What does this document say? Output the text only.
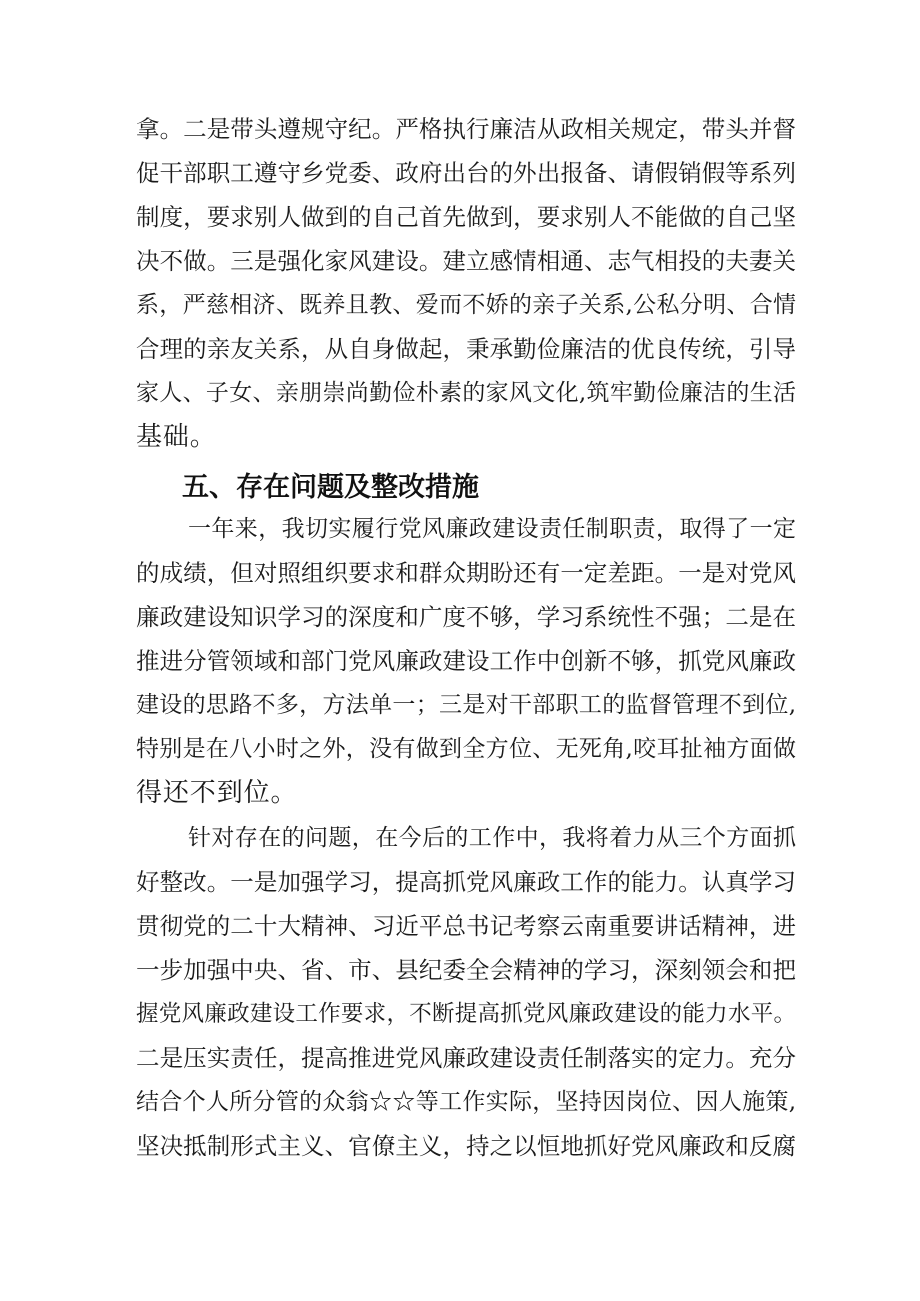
拿。二是带头遵规守纪。严格执行廉洁从政相关规定，带头并督
促干部职工遵守乡党委、政府出台的外出报备、请假销假等系列
制度，要求别人做到的自己首先做到，要求别人不能做的自己坚
决不做。三是强化家风建设。建立感情相通、志气相投的夫妻关
系，严慈相济、既养且教、爱而不娇的亲子关系,公私分明、合情
合理的亲友关系，从自身做起，秉承勤俭廉洁的优良传统，引导
家人、子女、亲朋崇尚勤俭朴素的家风文化,筑牢勤俭廉洁的生活
基础。
五、存在问题及整改措施
一年来，我切实履行党风廉政建设责任制职责，取得了一定
的成绩，但对照组织要求和群众期盼还有一定差距。一是对党风
廉政建设知识学习的深度和广度不够，学习系统性不强；二是在
推进分管领域和部门党风廉政建设工作中创新不够，抓党风廉政
建设的思路不多，方法单一；三是对干部职工的监督管理不到位,
特别是在八小时之外，没有做到全方位、无死角,咬耳扯袖方面做
得还不到位。
针对存在的问题，在今后的工作中，我将着力从三个方面抓
好整改。一是加强学习，提高抓党风廉政工作的能力。认真学习
贯彻党的二十大精神、习近平总书记考察云南重要讲话精神，进
一步加强中央、省、市、县纪委全会精神的学习，深刻领会和把
握党风廉政建设工作要求，不断提高抓党风廉政建设的能力水平。
二是压实责任，提高推进党风廉政建设责任制落实的定力。充分
结合个人所分管的众翁☆☆等工作实际，坚持因岗位、因人施策,
坚决抵制形式主义、官僚主义，持之以恒地抓好党风廉政和反腐
